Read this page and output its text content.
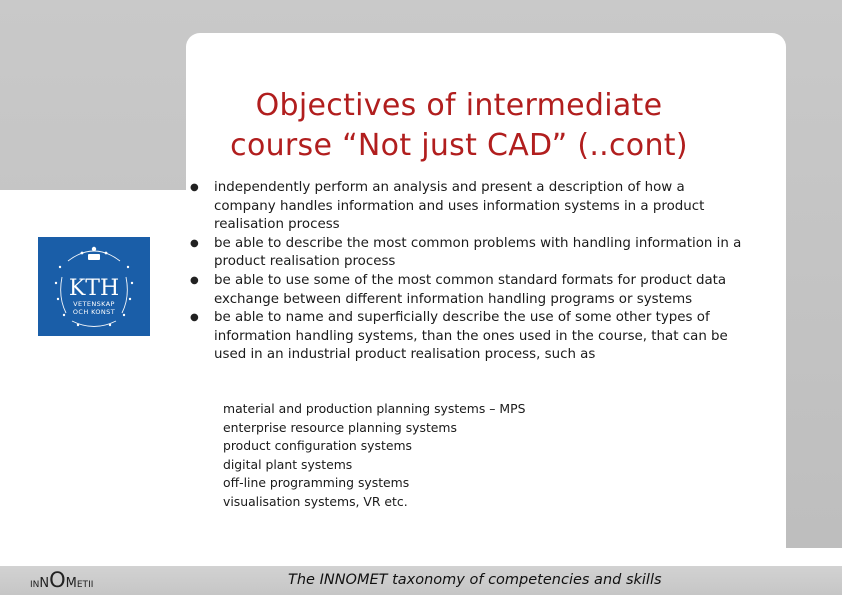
Objectives of intermediate
course “Not just CAD” (..cont)
KTH
VETENSKAP
OCH KONST
● independently perform an analysis and present a description of how a company handles information and uses information systems in a product realisation process
● be able to describe the most common problems with handling information in a product realisation process
● be able to use some of the most common standard formats for product data exchange between different information handling programs or systems
● be able to name and superficially describe the use of some other types of information handling systems, than the ones used in the course, that can be used in an industrial product realisation process, such as
material and production planning systems – MPS
enterprise resource planning systems
product configuration systems
digital plant systems
off-line programming systems
visualisation systems, VR etc.
INNOMETII	The INNOMET taxonomy of competencies and skills
